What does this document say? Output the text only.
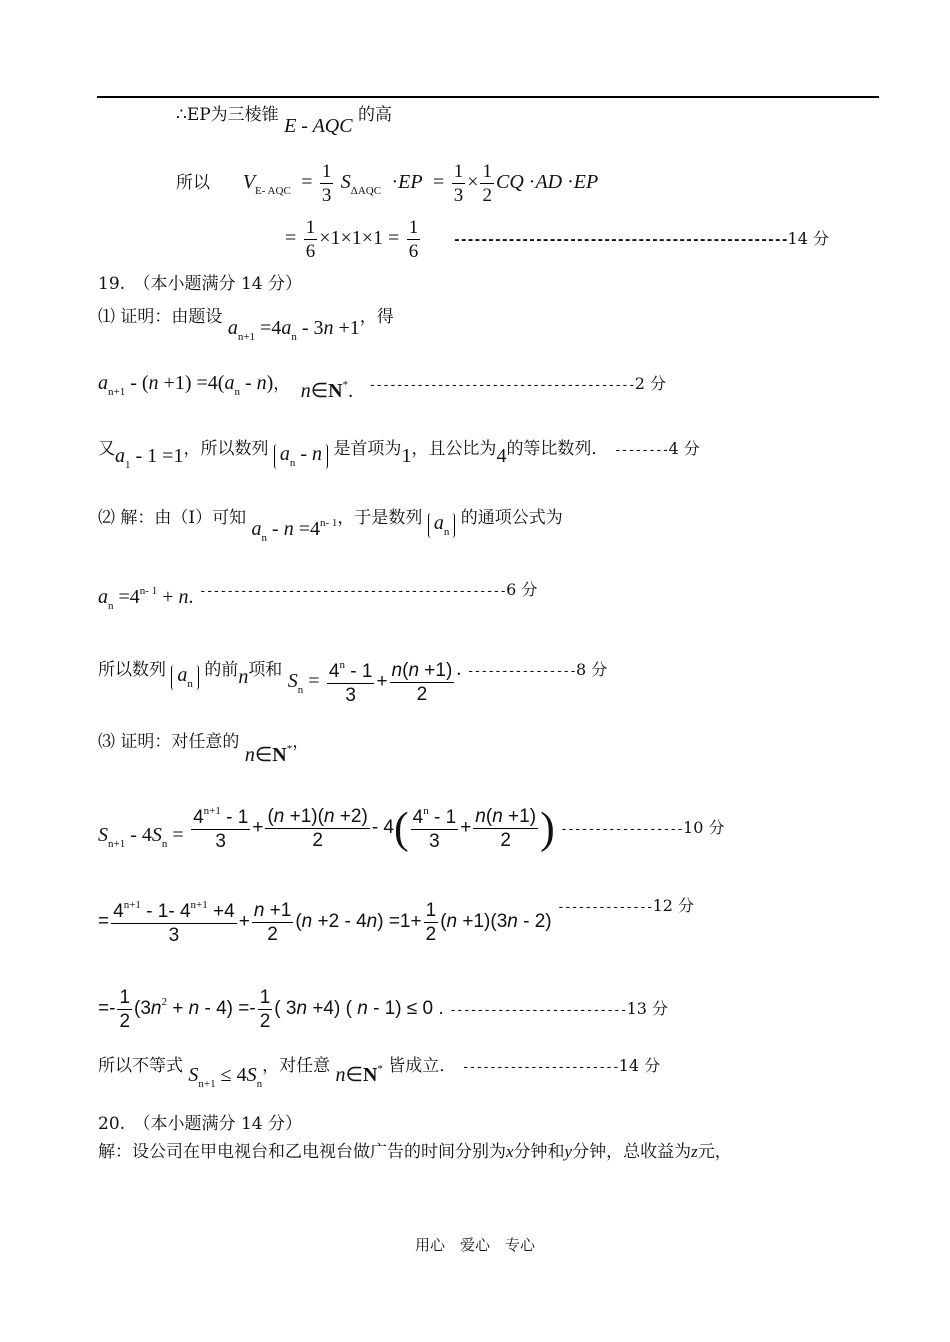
∴EP为三棱锥 E - AQC 的高
所以 $V_{E- AQC} = \frac{1}{3} S_{\Delta AQC} \cdot EP = \frac{1}{3} \times \frac{1}{2}$ CQ ·AD ·EP
= $\frac{1}{6} \times 1\times 1\times 1 = \frac{1}{6}$	-------------------------------------------------14 分
19.　（本小题满分 14 分）
⑴ 证明：由题设 $a_{n+1} =4a_n - 3n +1$，得
$a_{n+1} - (n +1) =4(a_n - n)$，  n∈N*. ---------------------------------------2 分
又$a_1 - 1 =1$，所以数列 $a_n$ - n 是首项为1，且公比为4的等比数列． --------4 分
⑵ 解：由（Ⅰ）可知 $a_n - n =4^{n- 1}$，于是数列 $a_n$ 的通项公式为
$a_n =4^{n- 1} + n$. ---------------------------------------------6 分
所以数列 $a_n$ 的前n项和 $S_n = \frac{4^n - 1}{3} + \frac{n(n +1)}{2}$ . ----------------8 分
⑶ 证明：对任意的 n∈N*，
$S_{n+1} - 4S_n = \frac{4^{n+1} - 1}{3} + \frac{(n +1)(n +2)}{2} - 4( \frac{4^n - 1}{3} + \frac{n(n +1)}{2}$ ) ------------------10 分
= $\frac{4^{n+1} - 1- 4^{n+1} +4}{3} + \frac{n +1}{2} (n +2 - 4n) =1+ \frac{1}{2} (n +1)(3n - 2)$ --------------12 分
=- $\frac{1}{2} (3n^2 + n - 4) =- \frac{1}{2}$ ( 3n +4) ( n - 1) ≤ 0 . --------------------------13 分
所以不等式 $S_{n+1} \le 4S_n$，对任意 n∈N* 皆成立． -----------------------14 分
20.　（本小题满分 14 分）
解：设公司在甲电视台和乙电视台做广告的时间分别为x分钟和y分钟，总收益为z元，
用心　爱心　专心
